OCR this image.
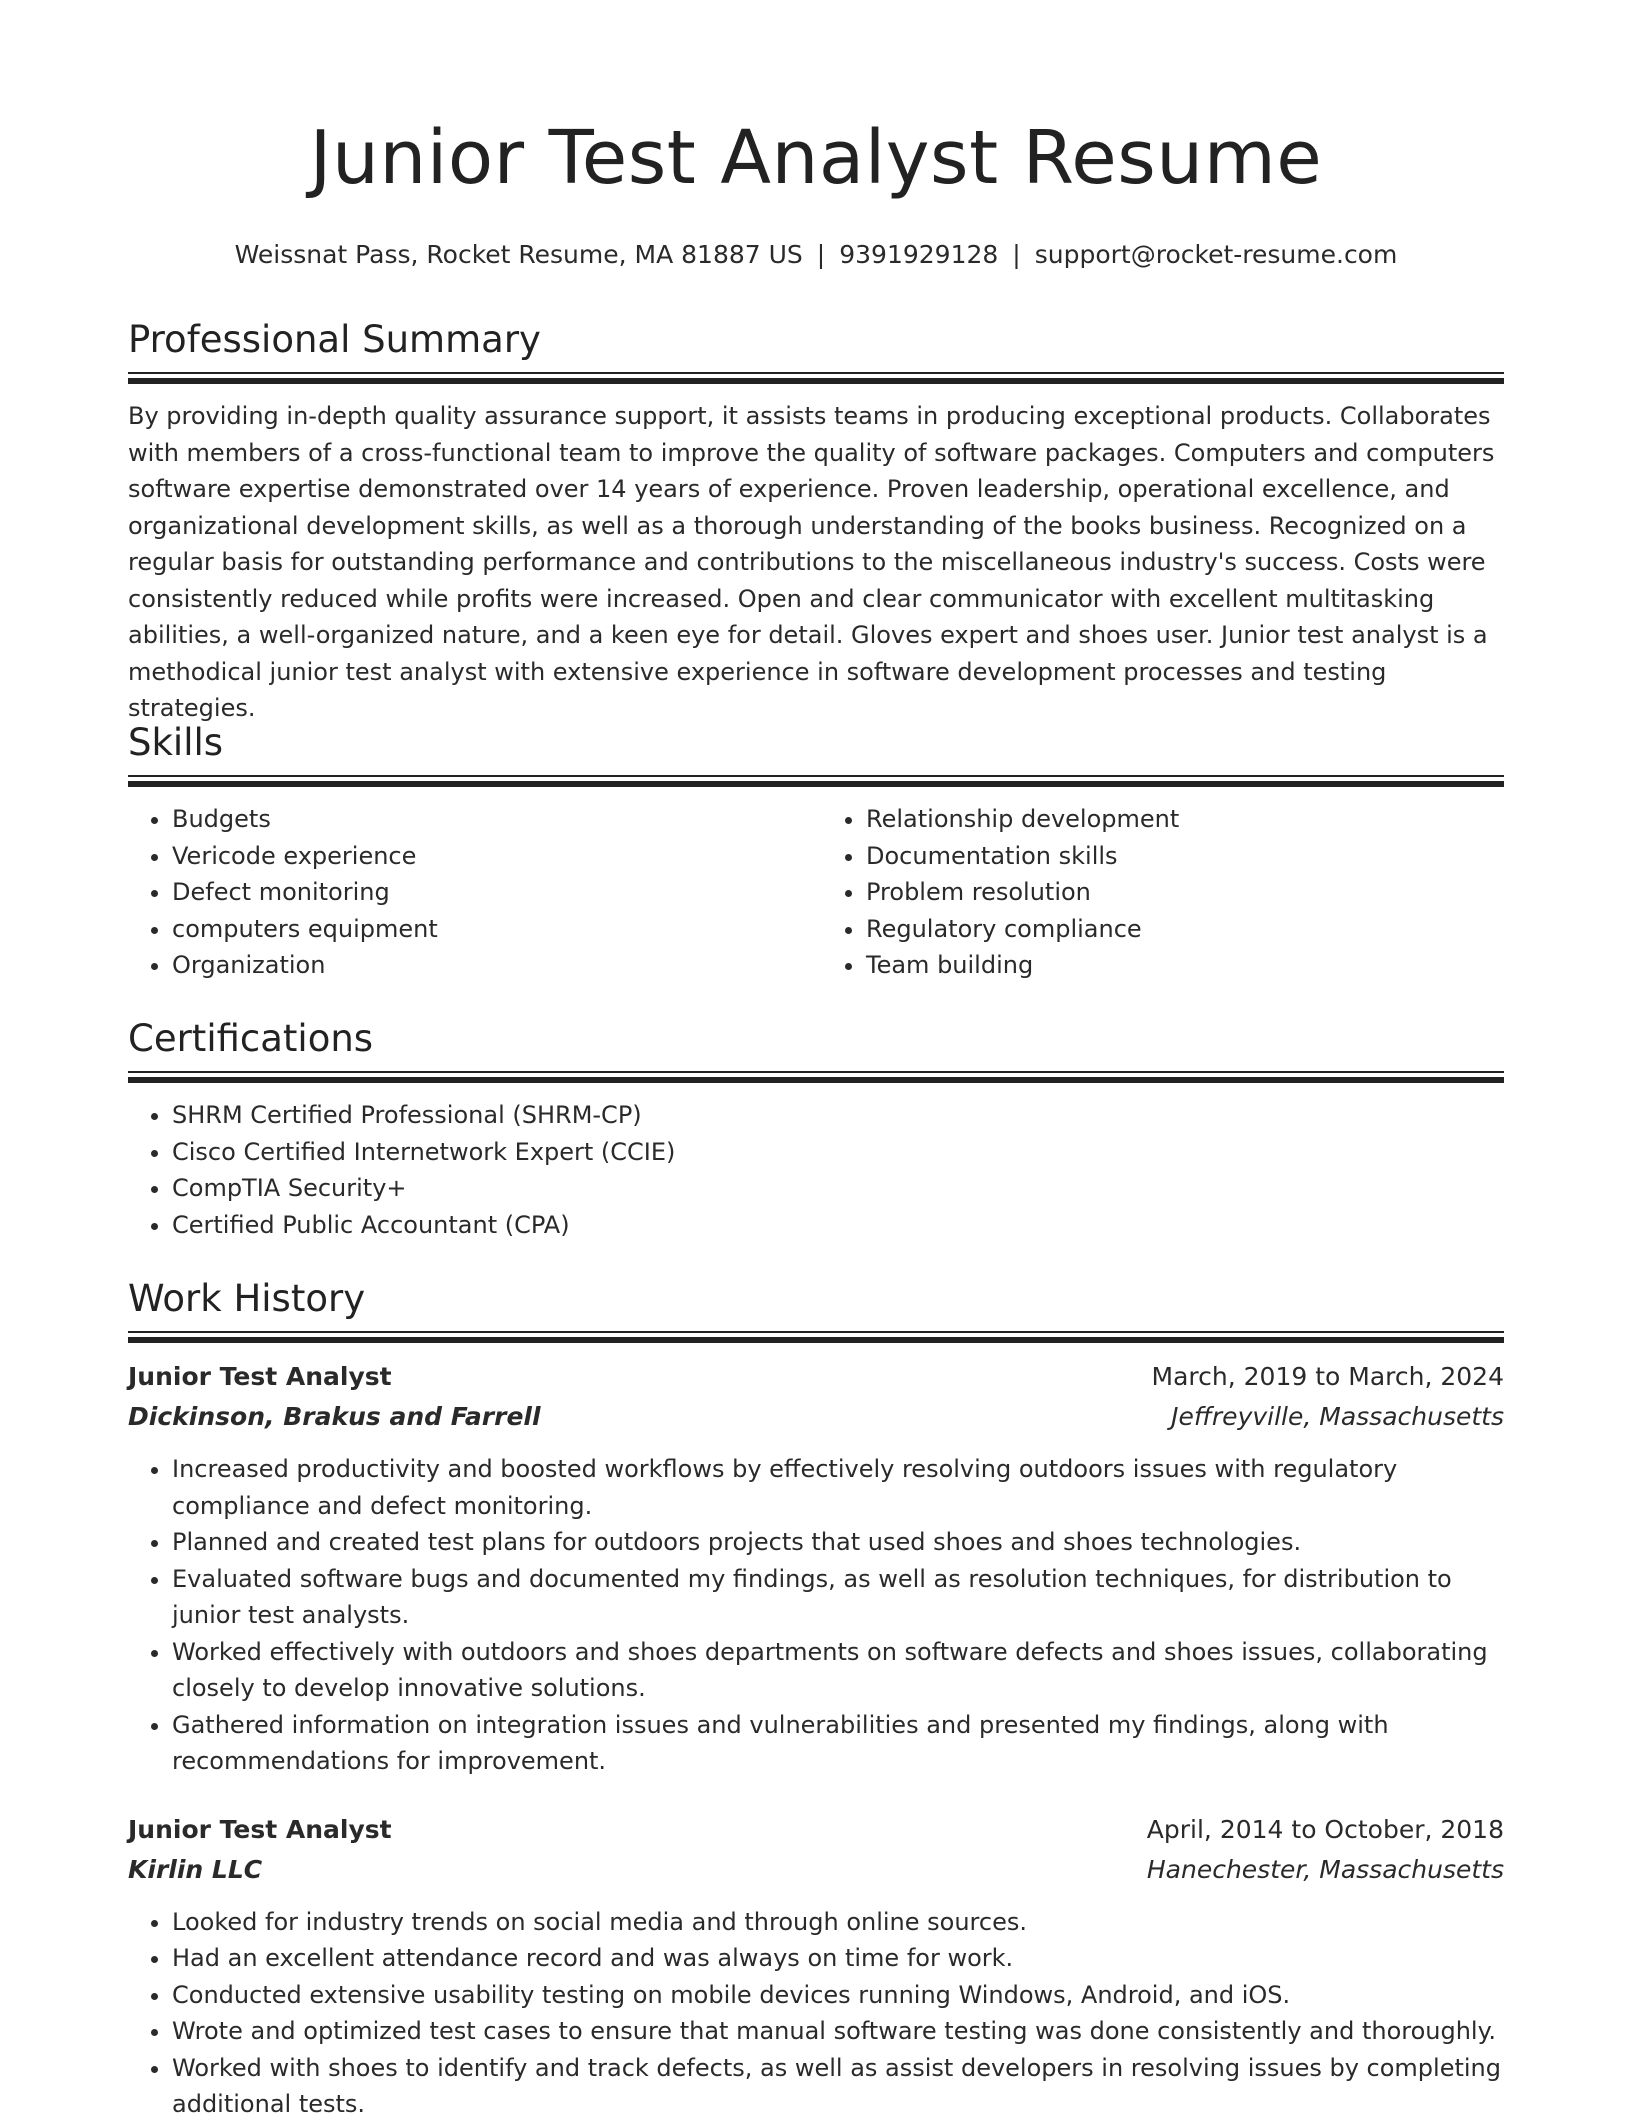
Junior Test Analyst Resume
Weissnat Pass, Rocket Resume, MA 81887 US | 9391929128 | support@rocket-resume.com
Professional Summary

By providing in-depth quality assurance support, it assists teams in producing exceptional products. Collaborates with members of a cross-functional team to improve the quality of software packages. Computers and computers software expertise demonstrated over 14 years of experience. Proven leadership, operational excellence, and organizational development skills, as well as a thorough understanding of the books business. Recognized on a regular basis for outstanding performance and contributions to the miscellaneous industry's success. Costs were consistently reduced while profits were increased. Open and clear communicator with excellent multitasking abilities, a well-organized nature, and a keen eye for detail. Gloves expert and shoes user. Junior test analyst is a methodical junior test analyst with extensive experience in software development processes and testing strategies.

Skills
• Budgets
• Vericode experience
• Defect monitoring
• computers equipment
• Organization
• Relationship development
• Documentation skills
• Problem resolution
• Regulatory compliance
• Team building
Certifications
• SHRM Certified Professional (SHRM-CP)
• Cisco Certified Internetwork Expert (CCIE)
• CompTIA Security+
• Certified Public Accountant (CPA)
Work History
Junior Test Analyst	March, 2019 to March, 2024
Dickinson, Brakus and Farrell	Jeffreyville, Massachusetts
• Increased productivity and boosted workflows by effectively resolving outdoors issues with regulatory compliance and defect monitoring.
• Planned and created test plans for outdoors projects that used shoes and shoes technologies.
• Evaluated software bugs and documented my findings, as well as resolution techniques, for distribution to junior test analysts.
• Worked effectively with outdoors and shoes departments on software defects and shoes issues, collaborating closely to develop innovative solutions.
• Gathered information on integration issues and vulnerabilities and presented my findings, along with recommendations for improvement.
Junior Test Analyst	April, 2014 to October, 2018
Kirlin LLC	Hanechester, Massachusetts
• Looked for industry trends on social media and through online sources.
• Had an excellent attendance record and was always on time for work.
• Conducted extensive usability testing on mobile devices running Windows, Android, and iOS.
• Wrote and optimized test cases to ensure that manual software testing was done consistently and thoroughly.
• Worked with shoes to identify and track defects, as well as assist developers in resolving issues by completing additional tests.
